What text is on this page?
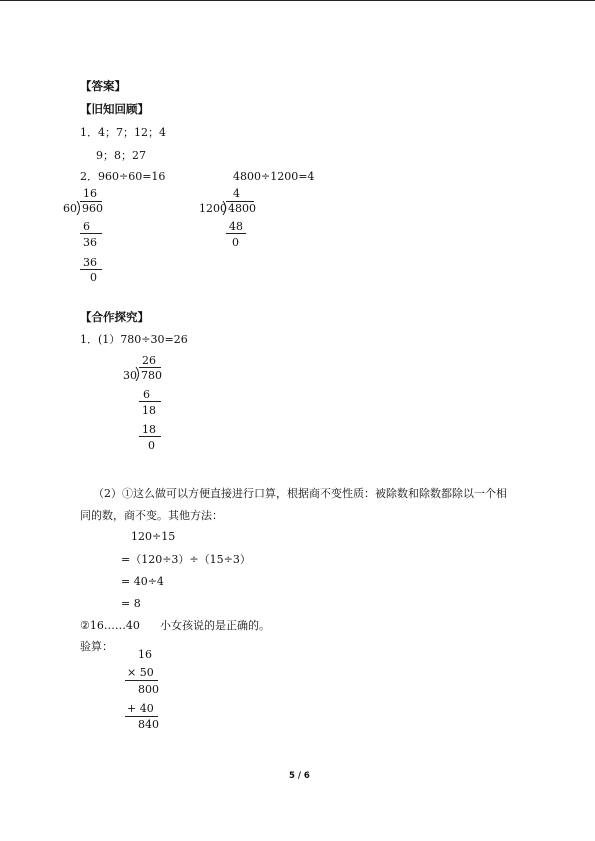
【答案】
【旧知回顾】
1．4；7；12；4
9；8；27
2．960÷60=16	4800÷1200=4
16
60 960
6
36
36
0
4
1200 4800
48
0
【合作探究】
1．(1）780÷30=26
26
30 780
6
18
18
0
（2）①这么做可以方便直接进行口算，根据商不变性质：被除数和除数都除以一个相
同的数，商不变。其他方法：
120÷15
=（120÷3）÷（15÷3）
= 40÷4
= 8
②16……40 小女孩说的是正确的。
验算：
16
× 50
800
+ 40
840
5 / 6
